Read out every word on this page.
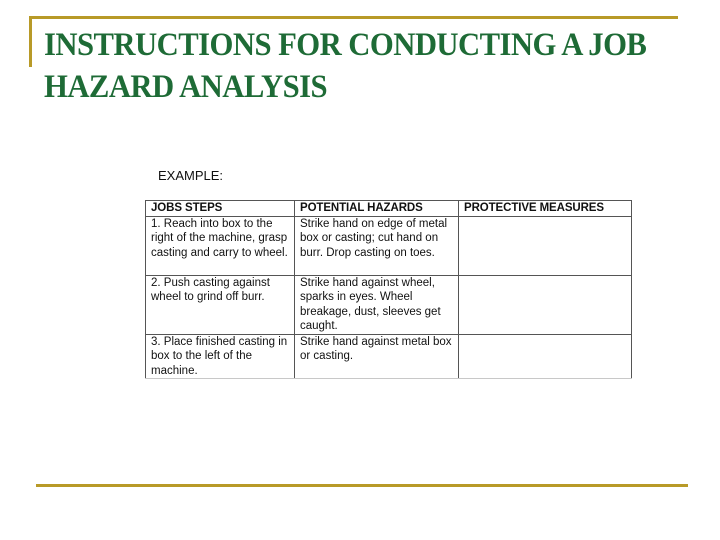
INSTRUCTIONS FOR CONDUCTING A JOB HAZARD ANALYSIS
EXAMPLE:
JOBS STEPS	POTENTIAL HAZARDS	PROTECTIVE MEASURES
1. Reach into box to the right of the machine, grasp casting and carry to wheel.	Strike hand on edge of metal box or casting; cut hand on burr. Drop casting on toes.	
2. Push casting against wheel to grind off burr.	Strike hand against wheel, sparks in eyes. Wheel breakage, dust, sleeves get caught.	
3. Place finished casting in box to the left of the machine.	Strike hand against metal box or casting.	
